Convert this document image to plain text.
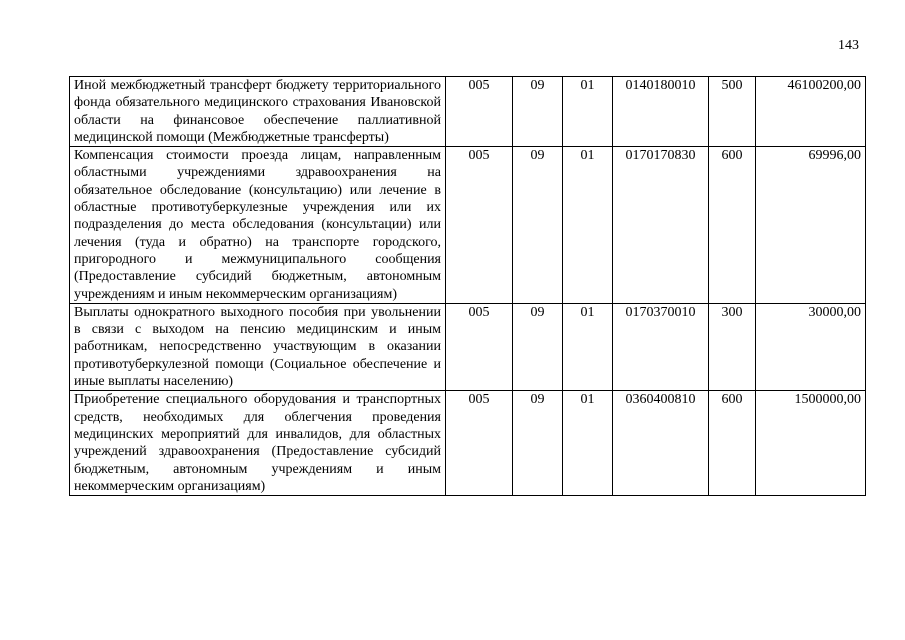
143
Иной межбюджетный трансферт бюджету территориального фонда обязательного медицинского страхования Ивановской области на финансовое обеспечение паллиативной медицинской помощи (Межбюджетные трансферты)	005	09	01	0140180010	500	46100200,00
Компенсация стоимости проезда лицам, направленным областными учреждениями здравоохранения на обязательное обследование (консультацию) или лечение в областные противотуберкулезные учреждения или их подразделения до места обследования (консультации) или лечения (туда и обратно) на транспорте городского, пригородного и межмуниципального сообщения (Предоставление субсидий бюджетным, автономным учреждениям и иным некоммерческим организациям)	005	09	01	0170170830	600	69996,00
Выплаты однократного выходного пособия при увольнении в связи с выходом на пенсию медицинским и иным работникам, непосредственно участвующим в оказании противотуберкулезной помощи (Социальное обеспечение и иные выплаты населению)	005	09	01	0170370010	300	30000,00
Приобретение специального оборудования и транспортных средств, необходимых для облегчения проведения медицинских мероприятий для инвалидов, для областных учреждений здравоохранения (Предоставление субсидий бюджетным, автономным учреждениям и иным некоммерческим организациям)	005	09	01	0360400810	600	1500000,00
